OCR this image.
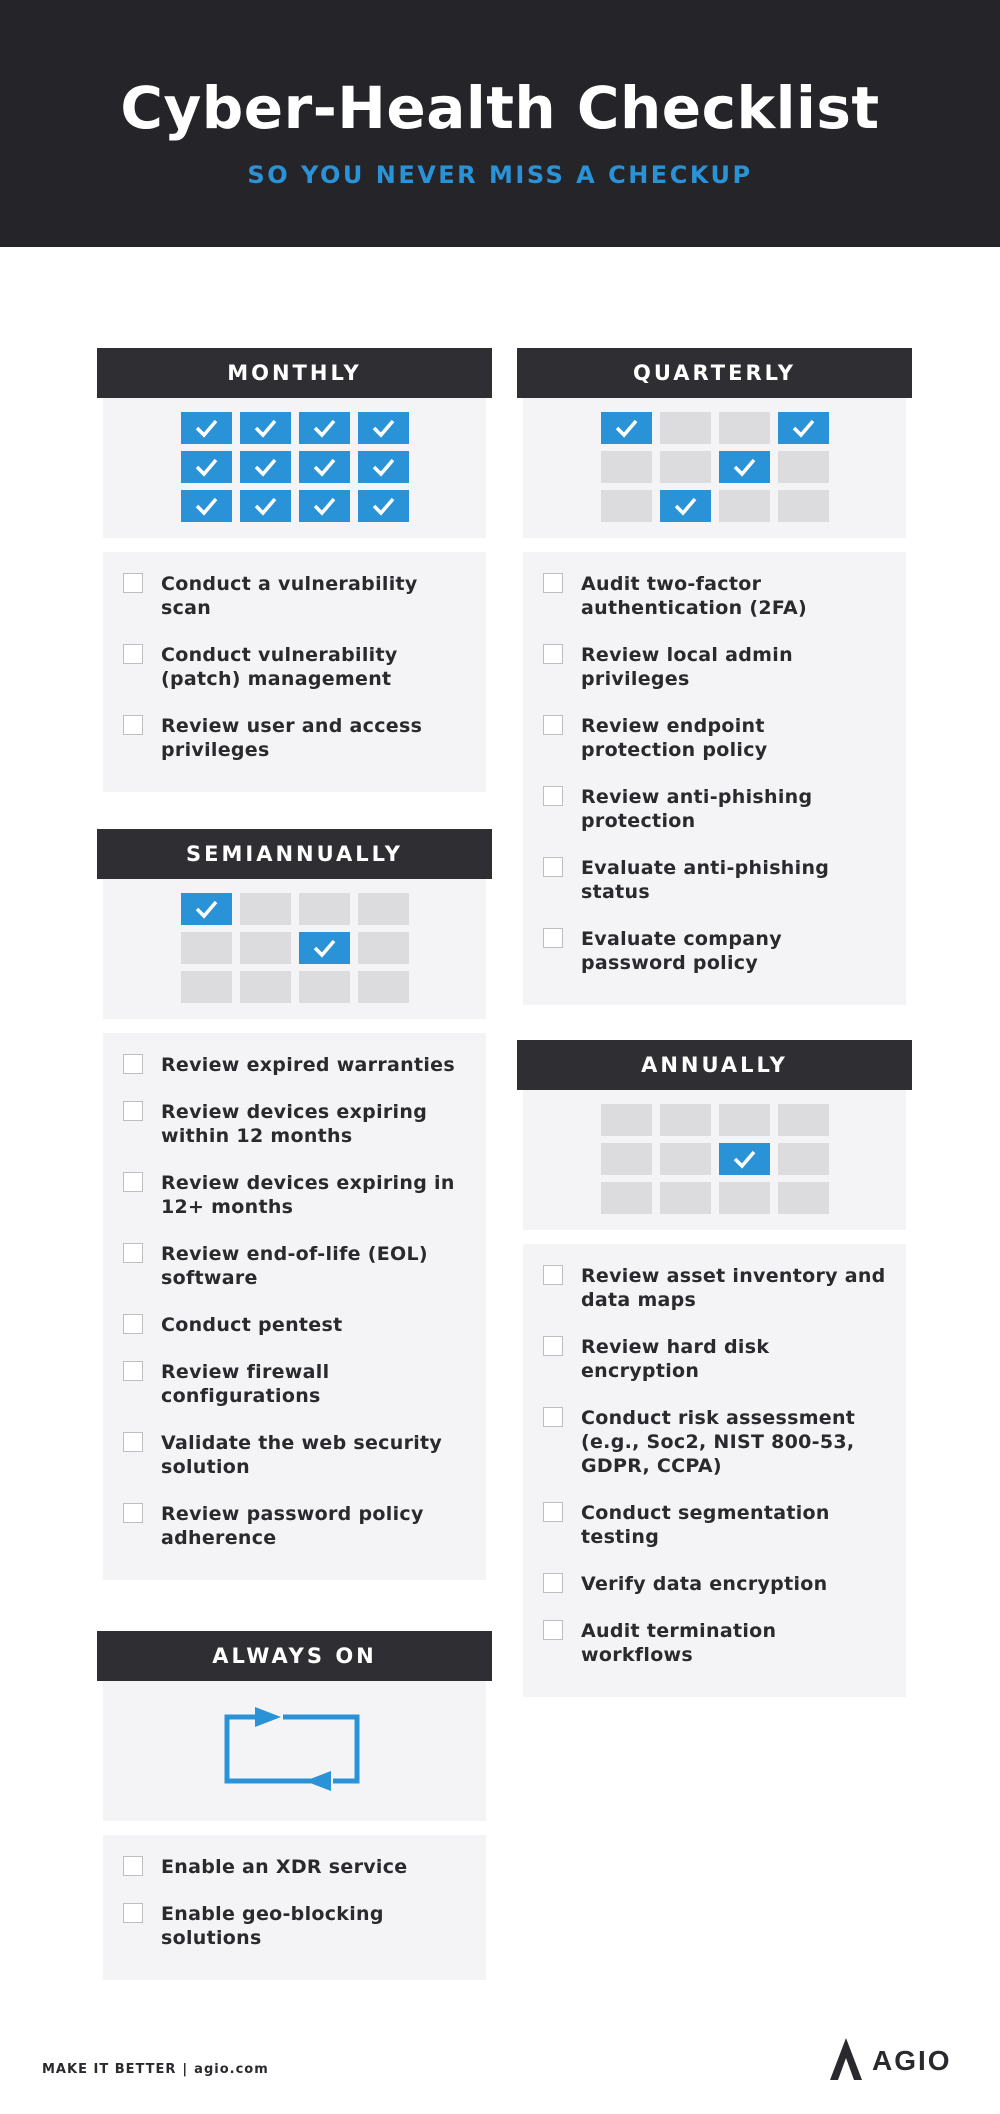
Cyber-Health Checklist
SO YOU NEVER MISS A CHECKUP
MONTHLY
Conduct a vulnerability scan
Conduct vulnerability (patch) management
Review user and access privileges
QUARTERLY
Audit two-factor authentication (2FA)
Review local admin privileges
Review endpoint protection policy
Review anti-phishing protection
Evaluate anti-phishing status
Evaluate company password policy
SEMIANNUALLY
Review expired warranties
Review devices expiring within 12 months
Review devices expiring in 12+ months
Review end-of-life (EOL) software
Conduct pentest
Review firewall configurations
Validate the web security solution
Review password policy adherence
ANNUALLY
Review asset inventory and data maps
Review hard disk encryption
Conduct risk assessment (e.g., Soc2, NIST 800-53, GDPR, CCPA)
Conduct segmentation testing
Verify data encryption
Audit termination workflows
ALWAYS ON
Enable an XDR service
Enable geo-blocking solutions
MAKE IT BETTER | agio.com	AGIO
